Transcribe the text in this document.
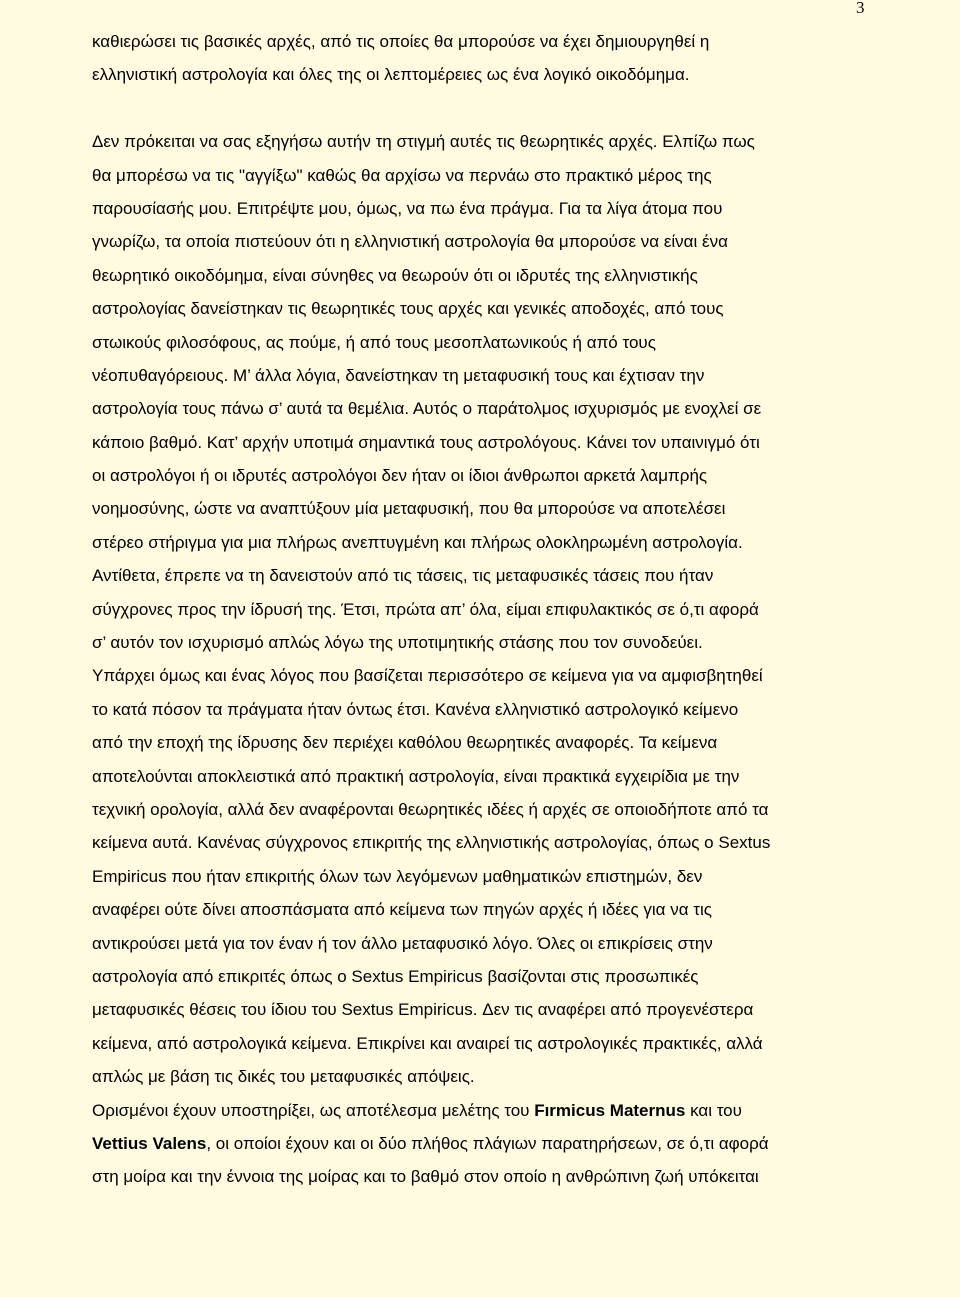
3
καθιερώσει τις βασικές αρχές, από τις οποίες θα μπορούσε να έχει δημιουργηθεί η
ελληνιστική αστρολογία και όλες της οι λεπτομέρειες ως ένα λογικό οικοδόμημα.
Δεν πρόκειται να σας εξηγήσω αυτήν τη στιγμή αυτές τις θεωρητικές αρχές. Ελπίζω πως
θα μπορέσω να τις "αγγίξω" καθώς θα αρχίσω να περνάω στο πρακτικό μέρος της
παρουσίασής μου. Επιτρέψτε μου, όμως, να πω ένα πράγμα. Για τα λίγα άτομα που
γνωρίζω, τα οποία πιστεύουν ότι η ελληνιστική αστρολογία θα μπορούσε να είναι ένα
θεωρητικό οικοδόμημα, είναι σύνηθες να θεωρούν ότι οι ιδρυτές της ελληνιστικής
αστρολογίας δανείστηκαν τις θεωρητικές τους αρχές και γενικές αποδοχές, από τους
στωικούς φιλοσόφους, ας πούμε, ή από τους μεσοπλατωνικούς ή από τους
νέοπυθαγόρειους. Μ’ άλλα λόγια, δανείστηκαν τη μεταφυσική τους και έχτισαν την
αστρολογία τους πάνω σ’ αυτά τα θεμέλια. Αυτός ο παράτολμος ισχυρισμός με ενοχλεί σε
κάποιο βαθμό. Κατ’ αρχήν υποτιμά σημαντικά τους αστρολόγους. Κάνει τον υπαινιγμό ότι
οι αστρολόγοι ή οι ιδρυτές αστρολόγοι δεν ήταν οι ίδιοι άνθρωποι αρκετά λαμπρής
νοημοσύνης, ώστε να αναπτύξουν μία μεταφυσική, που θα μπορούσε να αποτελέσει
στέρεο στήριγμα για μια πλήρως ανεπτυγμένη και πλήρως ολοκληρωμένη αστρολογία.
Αντίθετα, έπρεπε να τη δανειστούν από τις τάσεις, τις μεταφυσικές τάσεις που ήταν
σύγχρονες προς την ίδρυσή της. Έτσι, πρώτα απ’ όλα, είμαι επιφυλακτικός σε ό,τι αφορά
σ’ αυτόν τον ισχυρισμό απλώς λόγω της υποτιμητικής στάσης που τον συνοδεύει.
Υπάρχει όμως και ένας λόγος που βασίζεται περισσότερο σε κείμενα για να αμφισβητηθεί
το κατά πόσον τα πράγματα ήταν όντως έτσι. Κανένα ελληνιστικό αστρολογικό κείμενο
από την εποχή της ίδρυσης δεν περιέχει καθόλου θεωρητικές αναφορές. Τα κείμενα
αποτελούνται αποκλειστικά από πρακτική αστρολογία, είναι πρακτικά εγχειρίδια με την
τεχνική ορολογία, αλλά δεν αναφέρονται θεωρητικές ιδέες ή αρχές σε οποιοδήποτε από τα
κείμενα αυτά. Κανένας σύγχρονος επικριτής της ελληνιστικής αστρολογίας, όπως ο Sextus
Empiricus που ήταν επικριτής όλων των λεγόμενων μαθηματικών επιστημών, δεν
αναφέρει ούτε δίνει αποσπάσματα από κείμενα των πηγών αρχές ή ιδέες για να τις
αντικρούσει μετά για τον έναν ή τον άλλο μεταφυσικό λόγο. Όλες οι επικρίσεις στην
αστρολογία από επικριτές όπως ο Sextus Empiricus βασίζονται στις προσωπικές
μεταφυσικές θέσεις του ίδιου του Sextus Empiricus. Δεν τις αναφέρει από προγενέστερα
κείμενα, από αστρολογικά κείμενα. Επικρίνει και αναιρεί τις αστρολογικές πρακτικές, αλλά
απλώς με βάση τις δικές του μεταφυσικές απόψεις.
Ορισμένοι έχουν υποστηρίξει, ως αποτέλεσμα μελέτης του Fırmicus Maternus και του
Vettius Valens, οι οποίοι έχουν και οι δύο πλήθος πλάγιων παρατηρήσεων, σε ό,τι αφορά
στη μοίρα και την έννοια της μοίρας και το βαθμό στον οποίο η ανθρώπινη ζωή υπόκειται
